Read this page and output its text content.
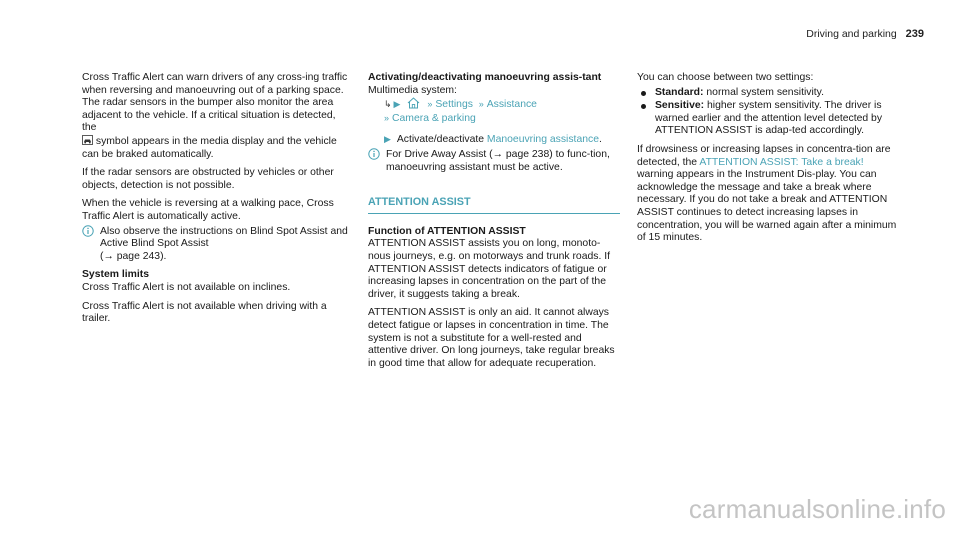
Driving and parking 239

Cross Traffic Alert can warn drivers of any cross-ing traffic when reversing and manoeuvring out of a parking space. The radar sensors in the bumper also monitor the area adjacent to the vehicle. If a critical situation is detected, the
symbol appears in the media display and the vehicle can be braked automatically.

If the radar sensors are obstructed by vehicles or other objects, detection is not possible.

When the vehicle is reversing at a walking pace, Cross Traffic Alert is automatically active.

Also observe the instructions on Blind Spot Assist and Active Blind Spot Assist
(→ page 243).

System limits

Cross Traffic Alert is not available on inclines.

Cross Traffic Alert is not available when driving with a trailer.

Activating/deactivating manoeuvring assis-tant

Multimedia system:
↳ ▶	» Settings » Assistance
» Camera & parking

▶ Activate/deactivate Manoeuvring assistance.

For Drive Away Assist (→ page 238) to func-tion, manoeuvring assistant must be active.
ATTENTION ASSIST

Function of ATTENTION ASSIST

ATTENTION ASSIST assists you on long, monoto-nous journeys, e.g. on motorways and trunk roads. If ATTENTION ASSIST detects indicators of fatigue or increasing lapses in concentration on the part of the driver, it suggests taking a break.

ATTENTION ASSIST is only an aid. It cannot always detect fatigue or lapses in concentration in time. The system is not a substitute for a well-rested and attentive driver. On long journeys, take regular breaks in good time that allow for adequate recuperation.

You can choose between two settings:

Standard: normal system sensitivity.
Sensitive: higher system sensitivity. The driver is warned earlier and the attention level detected by ATTENTION ASSIST is adap-ted accordingly.

If drowsiness or increasing lapses in concentra-tion are detected, the ATTENTION ASSIST: Take a break! warning appears in the Instrument Dis-play. You can acknowledge the message and take a break where necessary. If you do not take a break and ATTENTION ASSIST continues to detect increasing lapses in concentration, you will be warned again after a minimum of 15 minutes.

carmanualsonline.info
